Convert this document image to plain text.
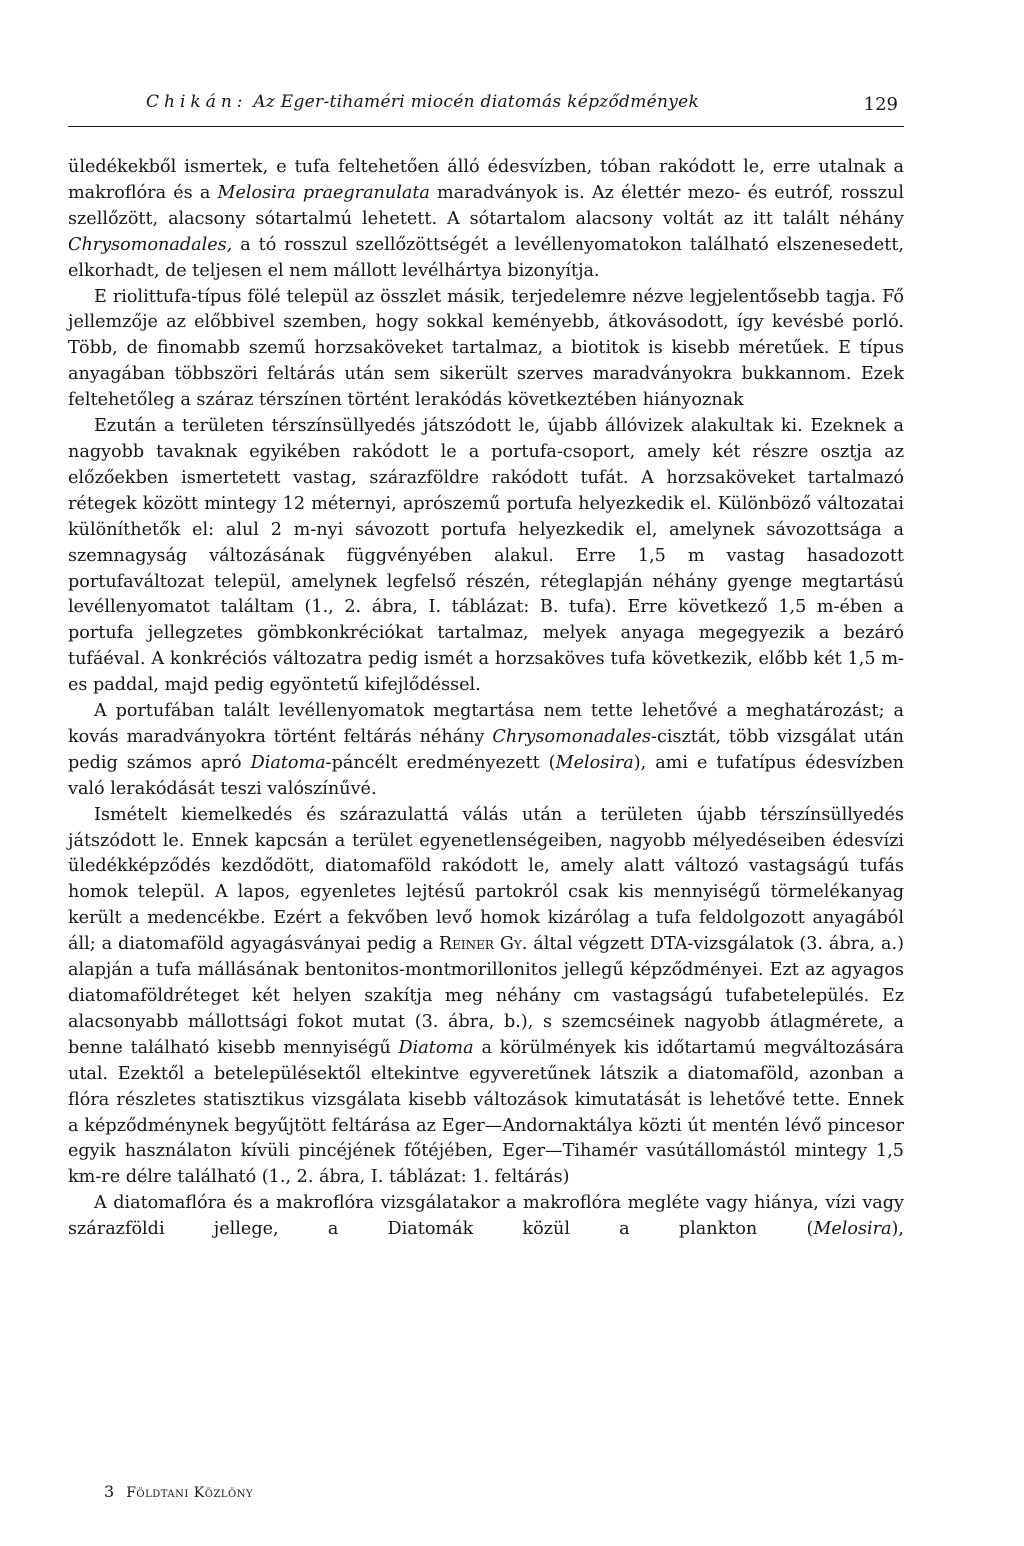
Chikán: Az Eger-tihaméri miocén diatomás képződmények	129

üledékekből ismertek, e tufa feltehetően álló édesvízben, tóban rakódott le, erre utalnak a makroflóra és a Melosira praegranulata maradványok is. Az élettér mezo- és eutróf, rosszul szellőzött, alacsony sótartalmú lehetett. A sótartalom alacsony voltát az itt talált néhány Chrysomonadales, a tó rosszul szellőzöttségét a levéllenyomatokon található elszenesedett, elkorhadt, de teljesen el nem mállott levélhártya bizonyítja.

E riolittufa-típus fölé települ az összlet másik, terjedelemre nézve legjelentősebb tagja. Fő jellemzője az előbbivel szemben, hogy sokkal keményebb, átkovásodott, így kevésbé porló. Több, de finomabb szemű horzsaköveket tartalmaz, a biotitok is kisebb méretűek. E típus anyagában többszöri feltárás után sem sikerült szerves maradványokra bukkannom. Ezek feltehetőleg a száraz térszínen történt lerakódás következtében hiányoznak

Ezután a területen térszínsüllyedés játszódott le, újabb állóvizek alakultak ki. Ezeknek a nagyobb tavaknak egyikében rakódott le a portufa-csoport, amely két részre osztja az előzőekben ismertetett vastag, szárazföldre rakódott tufát. A horzsaköveket tartalmazó rétegek között mintegy 12 méternyi, aprószemű portufa helyezkedik el. Különböző változatai különíthetők el: alul 2 m-nyi sávozott portufa helyezkedik el, amelynek sávozottsága a szemnagyság változásának függvényében alakul. Erre 1,5 m vastag hasadozott portufaváltozat települ, amelynek legfelső részén, réteglapján néhány gyenge megtartású levéllenyomatot találtam (1., 2. ábra, I. táblázat: B. tufa). Erre következő 1,5 m-ében a portufa jellegzetes gömbkonkréciókat tartalmaz, melyek anyaga megegyezik a bezáró tufáéval. A konkréciós változatra pedig ismét a horzsaköves tufa következik, előbb két 1,5 m-es paddal, majd pedig egyöntetű kifejlődéssel.

A portufában talált levéllenyomatok megtartása nem tette lehetővé a meghatározást; a kovás maradványokra történt feltárás néhány Chrysomonadales-cisztát, több vizsgálat után pedig számos apró Diatoma-páncélt eredményezett (Melosira), ami e tufatípus édesvízben való lerakódását teszi valószínűvé.

Ismételt kiemelkedés és szárazulattá válás után a területen újabb térszínsüllyedés játszódott le. Ennek kapcsán a terület egyenetlenségeiben, nagyobb mélyedéseiben édesvízi üledékképződés kezdődött, diatomaföld rakódott le, amely alatt változó vastagságú tufás homok települ. A lapos, egyenletes lejtésű partokról csak kis mennyiségű törmelékanyag került a medencékbe. Ezért a fekvőben levő homok kizárólag a tufa feldolgozott anyagából áll; a diatomaföld agyagásványai pedig a Reiner Gy. által végzett DTA-vizsgálatok (3. ábra, a.) alapján a tufa mállásának bentonitos-montmorillonitos jellegű képződményei. Ezt az agyagos diatomaföldréteget két helyen szakítja meg néhány cm vastagságú tufabetelepülés. Ez alacsonyabb mállottsági fokot mutat (3. ábra, b.), s szemcséinek nagyobb átlagmérete, a benne található kisebb mennyiségű Diatoma a körülmények kis időtartamú megváltozására utal. Ezektől a betelepülésektől eltekintve egyveretűnek látszik a diatomaföld, azonban a flóra részletes statisztikus vizsgálata kisebb változások kimutatását is lehetővé tette. Ennek a képződménynek begyűjtött feltárása az Eger—Andornaktálya közti út mentén lévő pincesor egyik használaton kívüli pincéjének főtéjében, Eger—Tihamér vasútállomástól mintegy 1,5 km-re délre található (1., 2. ábra, I. táblázat: 1. feltárás)

A diatomaflóra és a makroflóra vizsgálatakor a makroflóra megléte vagy hiánya, vízi vagy szárazföldi jellege, a Diatomák közül a plankton (Melosira),

3 Földtani Közlöny
